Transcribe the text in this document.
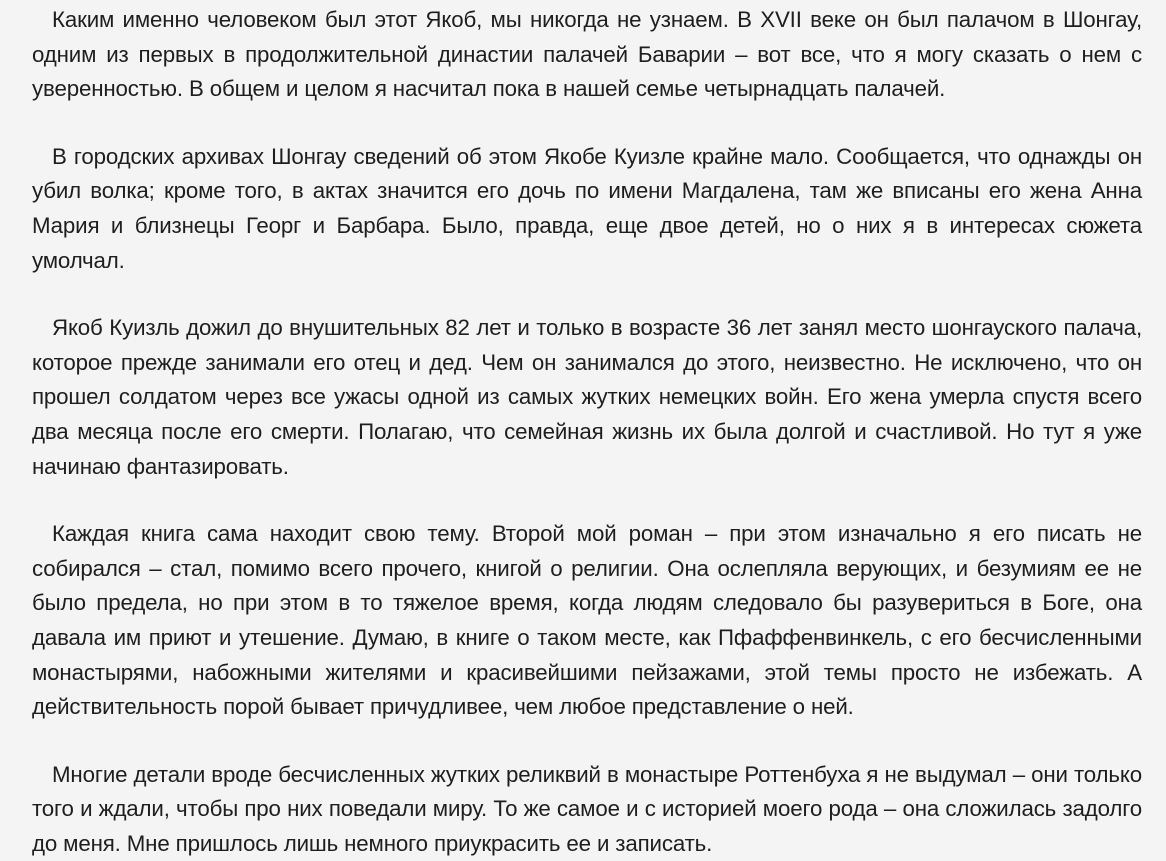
Каким именно человеком был этот Якоб, мы никогда не узнаем. В XVII веке он был палачом в Шонгау, одним из первых в продолжительной династии палачей Баварии – вот все, что я могу сказать о нем с уверенностью. В общем и целом я насчитал пока в нашей семье четырнадцать палачей.

В городских архивах Шонгау сведений об этом Якобе Куизле крайне мало. Сообщается, что однажды он убил волка; кроме того, в актах значится его дочь по имени Магдалена, там же вписаны его жена Анна Мария и близнецы Георг и Барбара. Было, правда, еще двое детей, но о них я в интересах сюжета умолчал.

Якоб Куизль дожил до внушительных 82 лет и только в возрасте 36 лет занял место шонгауского палача, которое прежде занимали его отец и дед. Чем он занимался до этого, неизвестно. Не исключено, что он прошел солдатом через все ужасы одной из самых жутких немецких войн. Его жена умерла спустя всего два месяца после его смерти. Полагаю, что семейная жизнь их была долгой и счастливой. Но тут я уже начинаю фантазировать.

Каждая книга сама находит свою тему. Второй мой роман – при этом изначально я его писать не собирался – стал, помимо всего прочего, книгой о религии. Она ослепляла верующих, и безумиям ее не было предела, но при этом в то тяжелое время, когда людям следовало бы разувериться в Боге, она давала им приют и утешение. Думаю, в книге о таком месте, как Пфаффенвинкель, с его бесчисленными монастырями, набожными жителями и красивейшими пейзажами, этой темы просто не избежать. А действительность порой бывает причудливее, чем любое представление о ней.

Многие детали вроде бесчисленных жутких реликвий в монастыре Роттенбуха я не выдумал – они только того и ждали, чтобы про них поведали миру. То же самое и с историей моего рода – она сложилась задолго до меня. Мне пришлось лишь немного приукрасить ее и записать.
